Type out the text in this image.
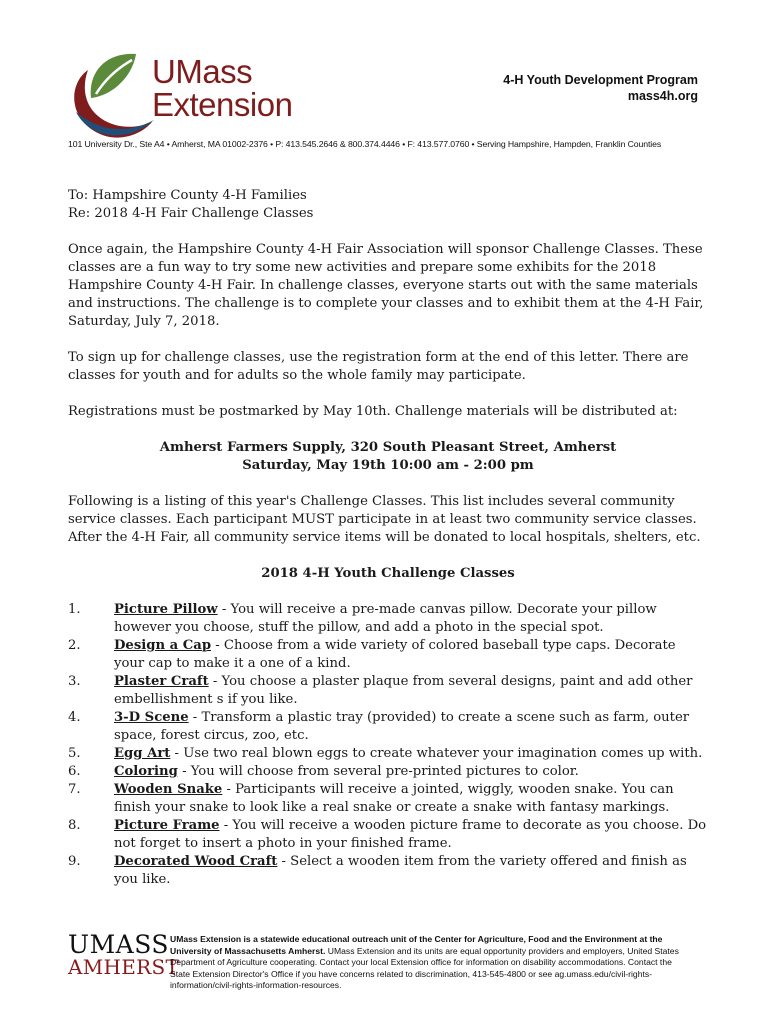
UMass
Extension
4-H Youth Development Program
mass4h.org
101 University Dr., Ste A4 • Amherst, MA 01002-2376 • P: 413.545.2646 & 800.374.4446 • F: 413.577.0760 • Serving Hampshire, Hampden, Franklin Counties

To: Hampshire County 4-H Families
Re: 2018 4-H Fair Challenge Classes

Once again, the Hampshire County 4-H Fair Association will sponsor Challenge Classes. These classes are a fun way to try some new activities and prepare some exhibits for the 2018 Hampshire County 4-H Fair. In challenge classes, everyone starts out with the same materials and instructions. The challenge is to complete your classes and to exhibit them at the 4-H Fair, Saturday, July 7, 2018.

To sign up for challenge classes, use the registration form at the end of this letter. There are classes for youth and for adults so the whole family may participate.

Registrations must be postmarked by May 10th. Challenge materials will be distributed at:

Amherst Farmers Supply, 320 South Pleasant Street, Amherst
Saturday, May 19th 10:00 am - 2:00 pm

Following is a listing of this year's Challenge Classes. This list includes several community service classes. Each participant MUST participate in at least two community service classes. After the 4-H Fair, all community service items will be donated to local hospitals, shelters, etc.

2018 4-H Youth Challenge Classes
1.	Picture Pillow - You will receive a pre-made canvas pillow. Decorate your pillow however you choose, stuff the pillow, and add a photo in the special spot.
2.	Design a Cap - Choose from a wide variety of colored baseball type caps. Decorate your cap to make it a one of a kind.
3.	Plaster Craft - You choose a plaster plaque from several designs, paint and add other embellishment s if you like.
4.	3-D Scene - Transform a plastic tray (provided) to create a scene such as farm, outer space, forest circus, zoo, etc.
5.	Egg Art - Use two real blown eggs to create whatever your imagination comes up with.
6.	Coloring - You will choose from several pre-printed pictures to color.
7.	Wooden Snake - Participants will receive a jointed, wiggly, wooden snake. You can finish your snake to look like a real snake or create a snake with fantasy markings.
8.	Picture Frame - You will receive a wooden picture frame to decorate as you choose. Do not forget to insert a photo in your finished frame.
9.	Decorated Wood Craft - Select a wooden item from the variety offered and finish as you like.
UMASS
AMHERST
UMass Extension is a statewide educational outreach unit of the Center for Agriculture, Food and the Environment at the University of Massachusetts Amherst. UMass Extension and its units are equal opportunity providers and employers, United States Department of Agriculture cooperating. Contact your local Extension office for information on disability accommodations. Contact the State Extension Director's Office if you have concerns related to discrimination, 413-545-4800 or see ag.umass.edu/civil-rights-information/civil-rights-information-resources.
